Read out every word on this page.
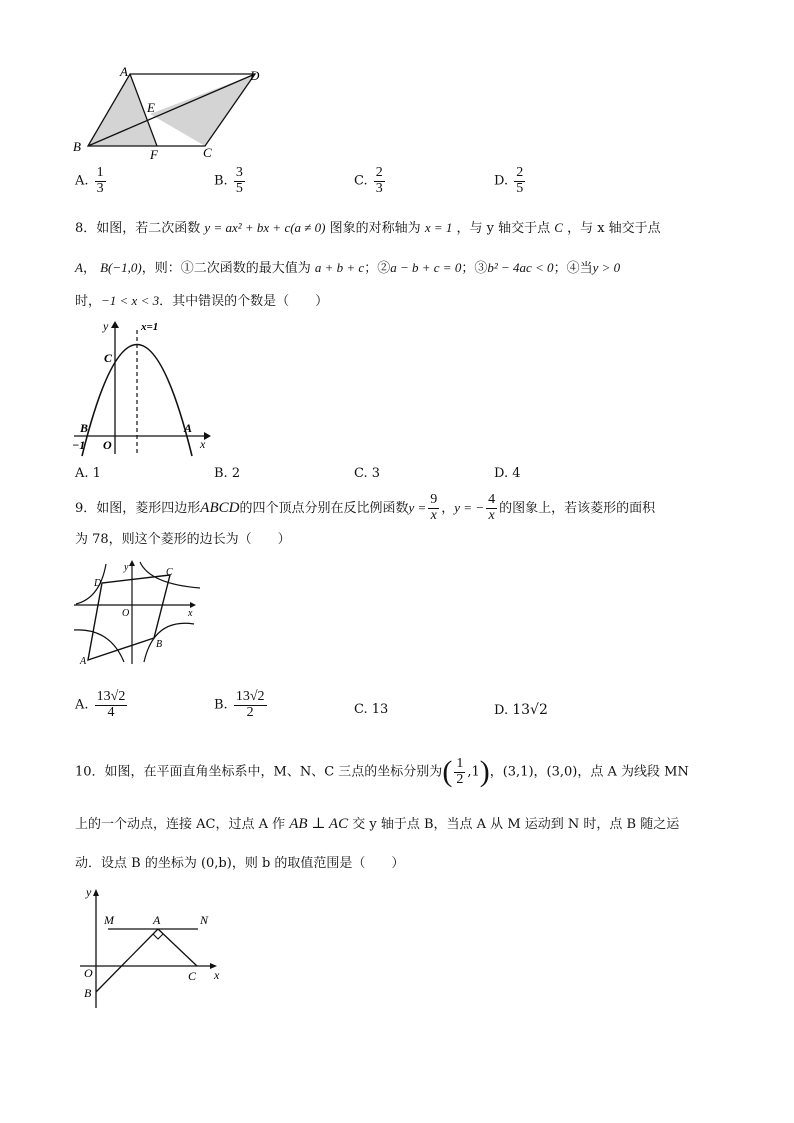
A	D
E
B
F	C
A. $\frac{1}{3}$	B. $\frac{3}{5}$	C. $\frac{2}{3}$	D. $\frac{2}{5}$
8．如图，若二次函数 y = ax² + bx + c(a ≠ 0) 图象的对称轴为 x = 1 ，与 y 轴交于点 C ，与 x 轴交于点
A， B(−1,0)，则：①二次函数的最大值为 a + b + c；②a − b + c = 0；③b² − 4ac < 0；④当y > 0
时，−1 < x < 3．其中错误的个数是（　　）
y	x=1
C
B	A
−1 O	x
A. 1	B. 2	C. 3	D. 4
9．如图，菱形四边形ABCD的四个顶点分别在反比例函数$y = \frac{9}{x}$ ，y = − $\frac{4}{x}$ 的图象上，若该菱形的面积
为 78，则这个菱形的边长为（　　）
D
y	C
O	x
B
A
A. $\frac{13√2}{4}$	B. $\frac{13√2}{2}$	C. 13	D. 13√2
10．如图，在平面直角坐标系中，M、N、C 三点的坐标分别为( $\frac{1}{2} ,1$)，(3,1)，(3,0)，点 A 为线段 MN
上的一个动点，连接 AC，过点 A 作 AB ⊥ AC 交 y 轴于点 B，当点 A 从 M 运动到 N 时，点 B 随之运
动．设点 B 的坐标为 (0,b)，则 b 的取值范围是（　　）
y
M	A	N
O	C x
B
